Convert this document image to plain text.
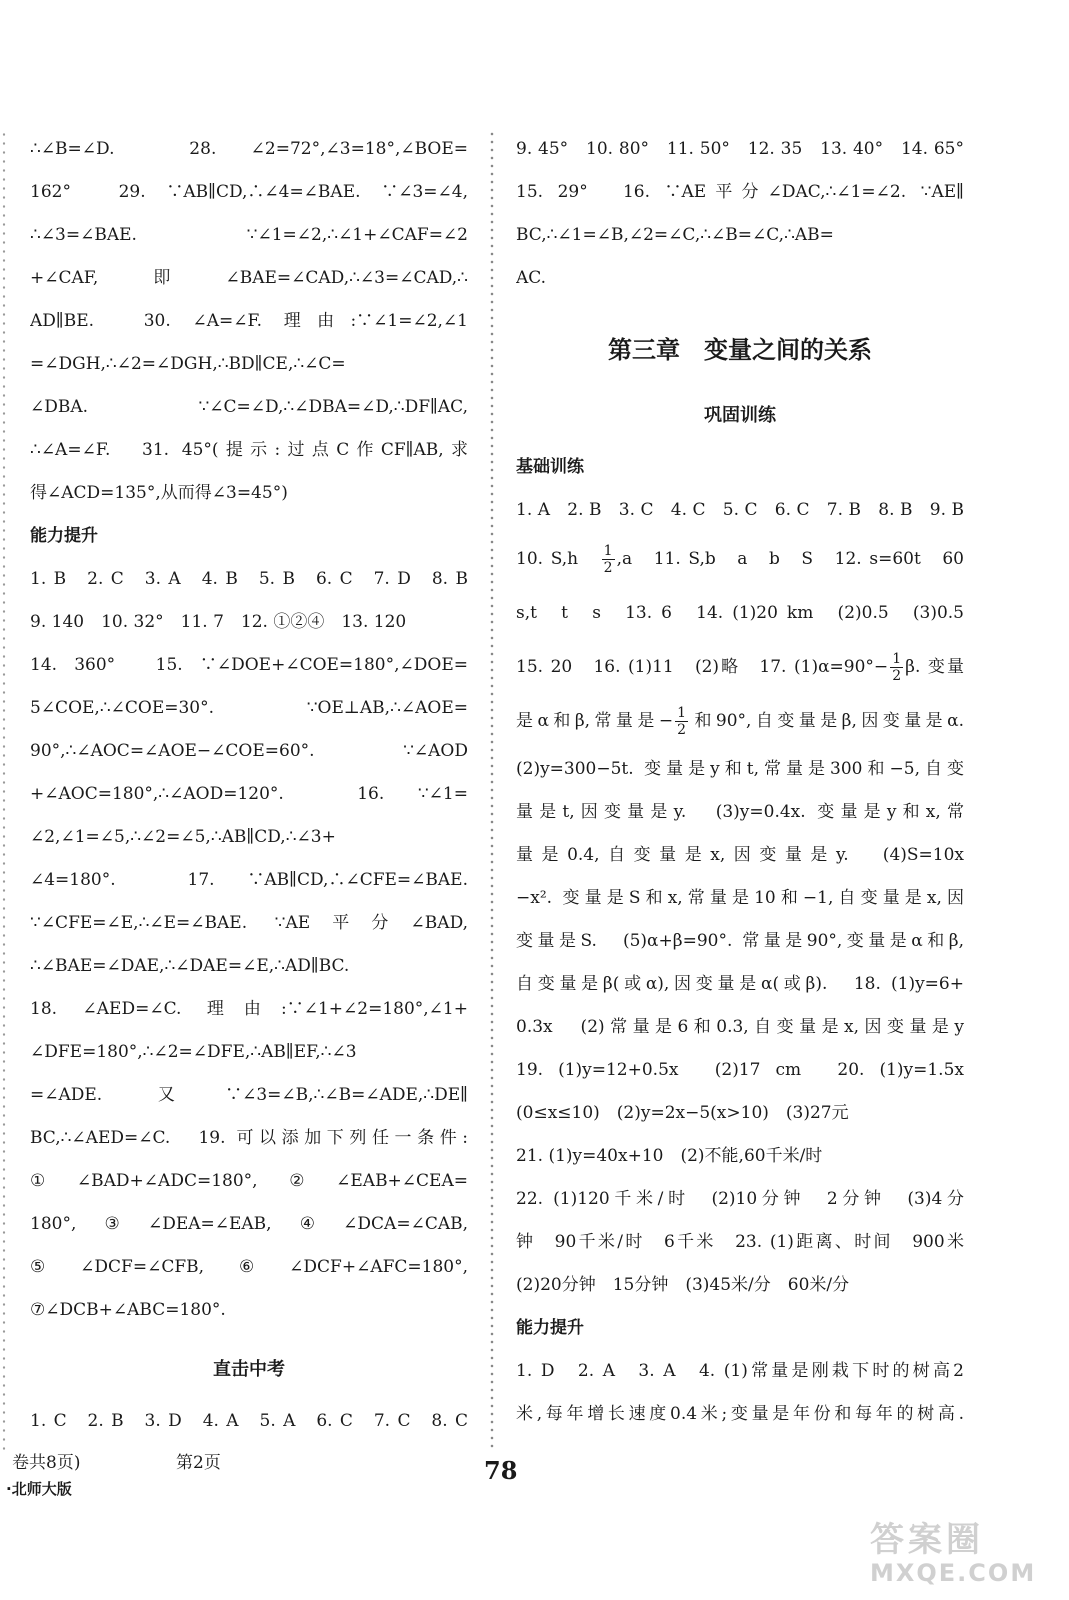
∴∠B=∠D.　28. ∠2=72°,∠3=18°,∠BOE=

162°　29. ∵AB∥CD,∴∠4=∠BAE. ∵∠3=∠4,

∴∠3=∠BAE. ∵∠1=∠2,∴∠1+∠CAF=∠2

+∠CAF,即∠BAE=∠CAD,∴∠3=∠CAD,∴

AD∥BE.　30. ∠A=∠F. 理由:∵∠1=∠2,∠1

=∠DGH,∴∠2=∠DGH,∴BD∥CE,∴∠C=

∠DBA. ∵∠C=∠D,∴∠DBA=∠D,∴DF∥AC,

∴∠A=∠F.　31. 45°(提示:过点C作CF∥AB,求

得∠ACD=135°,从而得∠3=45°)

能力提升

1. B　2. C　3. A　4. B　5. B　6. C　7. D　8. B

9. 140　10. 32°　11. 7　12. ①②④　13. 120

14. 360°　15. ∵∠DOE+∠COE=180°,∠DOE=

5∠COE,∴∠COE=30°. ∵OE⊥AB,∴∠AOE=

90°,∴∠AOC=∠AOE−∠COE=60°. ∵∠AOD

+∠AOC=180°,∴∠AOD=120°.　16. ∵∠1=

∠2,∠1=∠5,∴∠2=∠5,∴AB∥CD,∴∠3+

∠4=180°.　17. ∵AB∥CD,∴∠CFE=∠BAE.

∵∠CFE=∠E,∴∠E=∠BAE. ∵AE平分∠BAD,

∴∠BAE=∠DAE,∴∠DAE=∠E,∴AD∥BC.

18. ∠AED=∠C. 理由:∵∠1+∠2=180°,∠1+

∠DFE=180°,∴∠2=∠DFE,∴AB∥EF,∴∠3

=∠ADE. 又∵∠3=∠B,∴∠B=∠ADE,∴DE∥

BC,∴∠AED=∠C.　19. 可以添加下列任一条件:

①∠BAD+∠ADC=180°,②∠EAB+∠CEA=

180°,③∠DEA=∠EAB,④∠DCA=∠CAB,

⑤∠DCF=∠CFB,⑥∠DCF+∠AFC=180°,

⑦∠DCB+∠ABC=180°.

直击中考

1. C　2. B　3. D　4. A　5. A　6. C　7. C　8. C

9. 45°　10. 80°　11. 50°　12. 35　13. 40°　14. 65°

15. 29°　16. ∵AE平分∠DAC,∴∠1=∠2. ∵AE∥

BC,∴∠1=∠B,∠2=∠C,∴∠B=∠C,∴AB=

AC.

第三章　变量之间的关系

巩固训练

基础训练

1. A　2. B　3. C　4. C　5. C　6. C　7. B　8. B　9. B

10. S,h　 $\frac{1}{2} ,a$　11. S,b　a　b　S　12. s=60t　60

s,t　t　s　13. 6　14. (1)20 km　(2)0.5　(3)0.5

15. 20　16. (1)11　(2)略　17. $(1)\alpha=90^\circ- \frac{1}{2} \beta$. 变量

是α和β,常量是− $\frac{1}{2}$ 和90°,自变量是β,因变量是α.

(2)y=300−5t. 变量是y和t,常量是300和−5,自变

量是t,因变量是y.　(3)y=0.4x. 变量是y和x,常

量是0.4,自变量是x,因变量是y.　(4)S=10x

−x². 变量是S和x,常量是10和−1,自变量是x,因

变量是S.　(5)α+β=90°. 常量是90°,变量是α和β,

自变量是β(或α),因变量是α(或β).　18. (1)y=6+

0.3x　(2)常量是6和0.3,自变量是x,因变量是y

19. (1)y=12+0.5x　(2)17 cm　20. (1)y=1.5x

(0≤x≤10)　(2)y=2x−5(x>10)　(3)27元

21. (1)y=40x+10　(2)不能,60千米/时

22. (1)120千米/时　(2)10分钟　2分钟　(3)4分

钟　90千米/时　6千米　23. (1)距离、时间　900米

(2)20分钟　15分钟　(3)45米/分　60米/分

能力提升

1. D　2. A　3. A　4. (1)常量是刚栽下时的树高2

米,每年增长速度0.4米;变量是年份和每年的树高.

卷共8页)	第2页
·北师大版
78
答案圈
MXQE.COM
